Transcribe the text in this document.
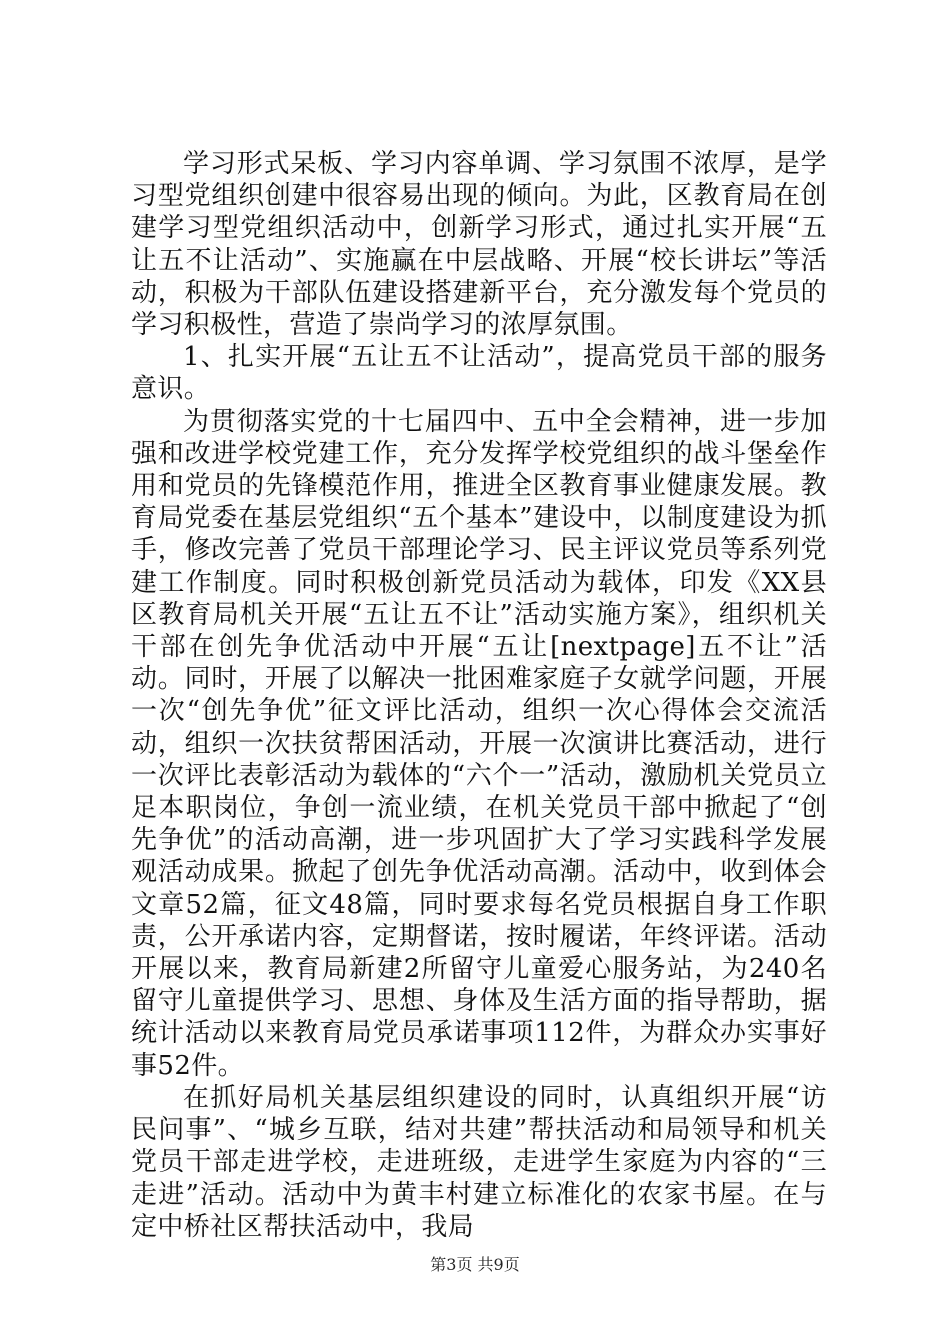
学习形式呆板、学习内容单调、学习氛围不浓厚，是学习型党组织创建中很容易出现的倾向。为此，区教育局在创建学习型党组织活动中，创新学习形式，通过扎实开展“五让五不让活动”、实施赢在中层战略、开展“校长讲坛”等活动，积极为干部队伍建设搭建新平台，充分激发每个党员的学习积极性，营造了崇尚学习的浓厚氛围。

1、扎实开展“五让五不让活动”，提高党员干部的服务意识。

为贯彻落实党的十七届四中、五中全会精神，进一步加强和改进学校党建工作，充分发挥学校党组织的战斗堡垒作用和党员的先锋模范作用，推进全区教育事业健康发展。教育局党委在基层党组织“五个基本”建设中，以制度建设为抓手，修改完善了党员干部理论学习、民主评议党员等系列党建工作制度。同时积极创新党员活动为载体，印发《XX县区教育局机关开展“五让五不让”活动实施方案》，组织机关干部在创先争优活动中开展“五让[nextpage]五不让”活动。同时，开展了以解决一批困难家庭子女就学问题，开展一次“创先争优”征文评比活动，组织一次心得体会交流活动，组织一次扶贫帮困活动，开展一次演讲比赛活动，进行一次评比表彰活动为载体的“六个一”活动，激励机关党员立足本职岗位，争创一流业绩，在机关党员干部中掀起了“创先争优”的活动高潮，进一步巩固扩大了学习实践科学发展观活动成果。掀起了创先争优活动高潮。活动中，收到体会文章52篇，征文48篇，同时要求每名党员根据自身工作职责，公开承诺内容，定期督诺，按时履诺，年终评诺。活动开展以来，教育局新建2所留守儿童爱心服务站，为240名留守儿童提供学习、思想、身体及生活方面的指导帮助，据统计活动以来教育局党员承诺事项112件，为群众办实事好事52件。

在抓好局机关基层组织建设的同时，认真组织开展“访民问事”、“城乡互联，结对共建”帮扶活动和局领导和机关党员干部走进学校，走进班级，走进学生家庭为内容的“三走进”活动。活动中为黄丰村建立标准化的农家书屋。在与定中桥社区帮扶活动中，我局

第3页 共9页
